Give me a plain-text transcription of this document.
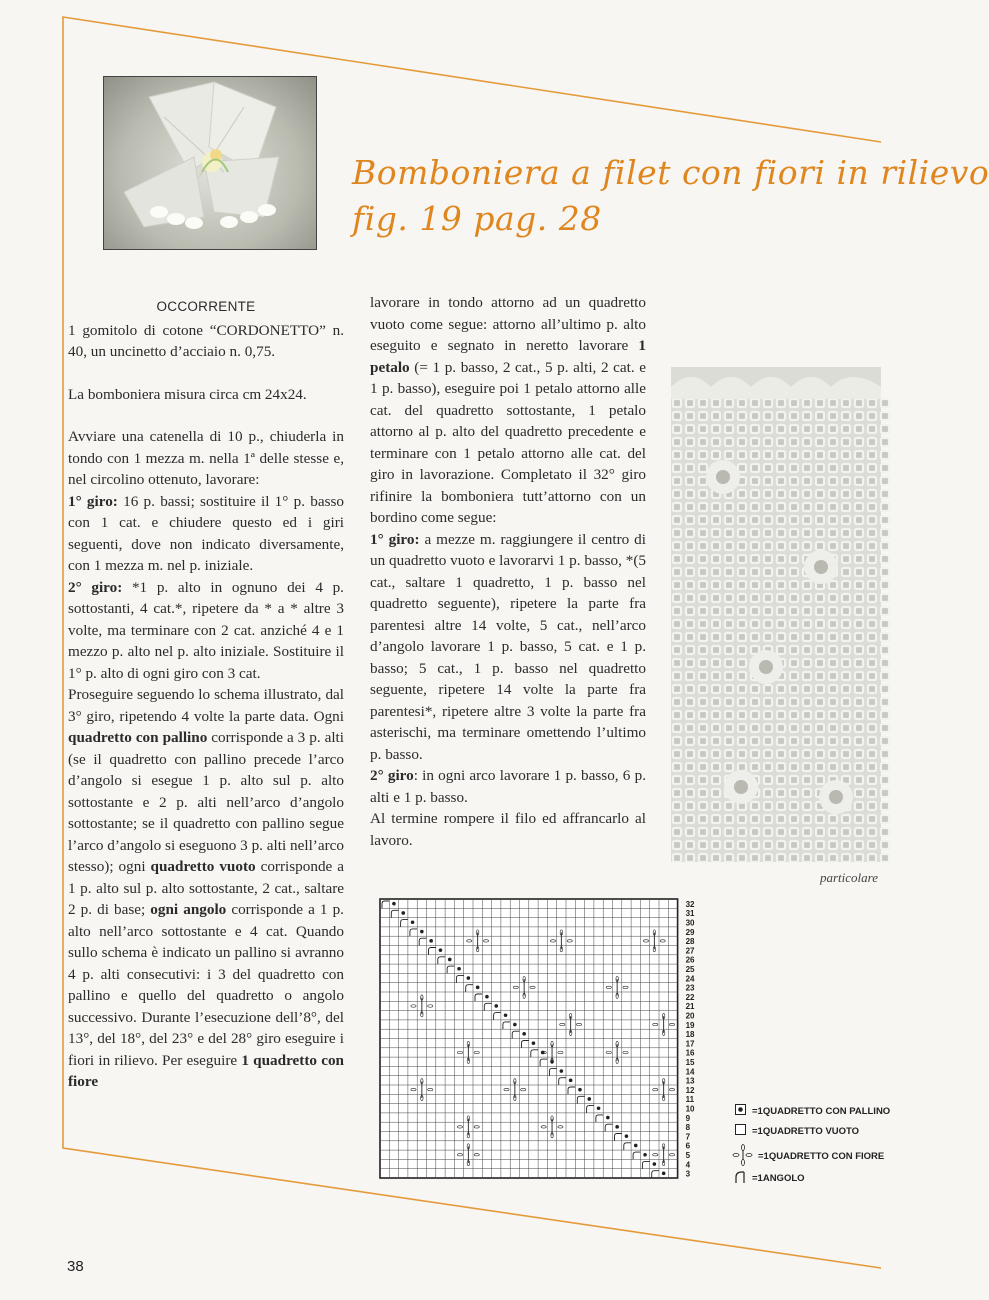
Bomboniera a filet con fiori in rilievo
fig. 19 pag. 28
OCCORRENTE

1 gomitolo di cotone “CORDONETTO” n. 40, un uncinetto d’acciaio n. 0,75.

La bomboniera misura circa cm 24x24.

Avviare una catenella di 10 p., chiuderla in tondo con 1 mezza m. nella 1ª delle stesse e, nel circolino ottenuto, lavorare:

1° giro: 16 p. bassi; sostituire il 1° p. basso con 1 cat. e chiudere questo ed i giri seguenti, dove non indicato diversamente, con 1 mezza m. nel p. iniziale.

2° giro: *1 p. alto in ognuno dei 4 p. sottostanti, 4 cat.*, ripetere da * a * altre 3 volte, ma terminare con 2 cat. anziché 4 e 1 mezzo p. alto nel p. alto iniziale. Sostituire il 1° p. alto di ogni giro con 3 cat.

Proseguire seguendo lo schema illustrato, dal 3° giro, ripetendo 4 volte la parte data. Ogni quadretto con pallino corrisponde a 3 p. alti (se il quadretto con pallino precede l’arco d’angolo si esegue 1 p. alto sul p. alto sottostante e 2 p. alti nell’arco d’angolo sottostante; se il quadretto con pallino segue l’arco d’angolo si eseguono 3 p. alti nell’arco stesso); ogni quadretto vuoto corrisponde a 1 p. alto sul p. alto sottostante, 2 cat., saltare 2 p. di base; ogni angolo corrisponde a 1 p. alto nell’arco sottostante e 4 cat. Quando sullo schema è indicato un pallino si avranno 4 p. alti consecutivi: i 3 del quadretto con pallino e quello del quadretto o angolo successivo. Durante l’esecuzione dell’8°, del 13°, del 18°, del 23° e del 28° giro eseguire i fiori in rilievo. Per eseguire 1 quadretto con fiore

lavorare in tondo attorno ad un quadretto vuoto come segue: attorno all’ultimo p. alto eseguito e segnato in neretto lavorare 1 petalo (= 1 p. basso, 2 cat., 5 p. alti, 2 cat. e 1 p. basso), eseguire poi 1 petalo attorno alle cat. del quadretto sottostante, 1 petalo attorno al p. alto del quadretto precedente e terminare con 1 petalo attorno alle cat. del giro in lavorazione. Completato il 32° giro rifinire la bomboniera tutt’attorno con un bordino come segue:

1° giro: a mezze m. raggiungere il centro di un quadretto vuoto e lavorarvi 1 p. basso, *(5 cat., saltare 1 quadretto, 1 p. basso nel quadretto seguente), ripetere la parte fra parentesi altre 14 volte, 5 cat., nell’arco d’angolo lavorare 1 p. basso, 5 cat. e 1 p. basso; 5 cat., 1 p. basso nel quadretto seguente, ripetere 14 volte la parte fra parentesi*, ripetere altre 3 volte la parte fra asterischi, ma terminare omettendo l’ultimo p. basso.

2° giro: in ogni arco lavorare 1 p. basso, 6 p. alti e 1 p. basso.

Al termine rompere il filo ed affrancarlo al lavoro.

particolare
32
31
30
29
28
27
26
25
24
23
22
21
20
19
18
17
16
15
14
13
12
11
10
9
8
7
6
5
4
3
=1QUADRETTO CON PALLINO
=1QUADRETTO VUOTO
=1QUADRETTO CON FIORE
=1ANGOLO
38
